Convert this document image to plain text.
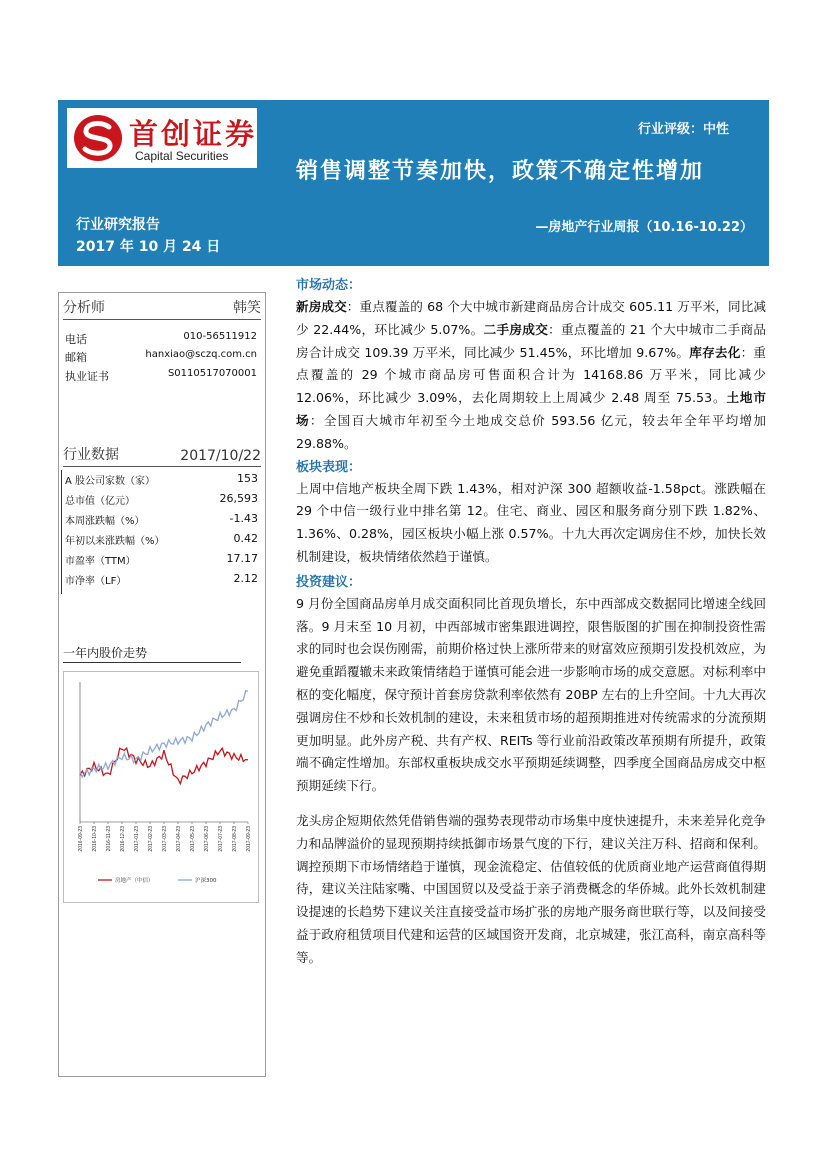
首创证券
Capital Securities
行业评级：中性
销售调整节奏加快，政策不确定性增加
行业研究报告
2017 年 10 月 24 日
—房地产行业周报（10.16-10.22）
分析师	韩笑
电话	010-56511912
邮箱	hanxiao@sczq.com.cn
执业证书	S0110517070001
行业数据	2017/10/22
A 股公司家数（家）	153
总市值（亿元）	26,593
本周涨跌幅（%）	-1.43
年初以来涨跌幅（%）	0.42
市盈率（TTM）	17.17
市净率（LF）	2.12
一年内股价走势
2016-09-23 2016-10-23 2016-11-23 2016-12-23 2017-01-23 2017-02-23 2017-03-23 2017-04-23 2017-05-23 2017-06-23 2017-07-23 2017-08-23 2017-09-23
房地产（中信）	沪深300

市场动态：

新房成交：重点覆盖的 68 个大中城市新建商品房合计成交 605.11 万平米，同比减少 22.44%，环比减少 5.07%。二手房成交：重点覆盖的 21 个大中城市二手商品房合计成交 109.39 万平米，同比减少 51.45%，环比增加 9.67%。库存去化：重点覆盖的 29 个城市商品房可售面积合计为 14168.86 万平米，同比减少 12.06%，环比减少 3.09%，去化周期较上上周减少 2.48 周至 75.53。土地市场：全国百大城市年初至今土地成交总价 593.56 亿元，较去年全年平均增加 29.88%。

板块表现：

上周中信地产板块全周下跌 1.43%，相对沪深 300 超额收益-1.58pct。涨跌幅在 29 个中信一级行业中排名第 12。住宅、商业、园区和服务商分别下跌 1.82%、1.36%、0.28%，园区板块小幅上涨 0.57%。十九大再次定调房住不炒，加快长效机制建设，板块情绪依然趋于谨慎。

投资建议：

9 月份全国商品房单月成交面积同比首现负增长，东中西部成交数据同比增速全线回落。9 月末至 10 月初，中西部城市密集跟进调控，限售版图的扩围在抑制投资性需求的同时也会误伤刚需，前期价格过快上涨所带来的财富效应预期引发投机效应，为避免重蹈覆辙未来政策情绪趋于谨慎可能会进一步影响市场的成交意愿。对标利率中枢的变化幅度，保守预计首套房贷款利率依然有 20BP 左右的上升空间。十九大再次强调房住不炒和长效机制的建设，未来租赁市场的超预期推进对传统需求的分流预期更加明显。此外房产税、共有产权、REITs 等行业前沿政策改革预期有所提升，政策端不确定性增加。东部权重板块成交水平预期延续调整，四季度全国商品房成交中枢预期延续下行。

龙头房企短期依然凭借销售端的强势表现带动市场集中度快速提升，未来差异化竞争力和品牌溢价的显现预期持续抵御市场景气度的下行，建议关注万科、招商和保利。调控预期下市场情绪趋于谨慎，现金流稳定、估值较低的优质商业地产运营商值得期待，建议关注陆家嘴、中国国贸以及受益于亲子消费概念的华侨城。此外长效机制建设提速的长趋势下建议关注直接受益市场扩张的房地产服务商世联行等，以及间接受益于政府租赁项目代建和运营的区域国资开发商，北京城建，张江高科，南京高科等等。
